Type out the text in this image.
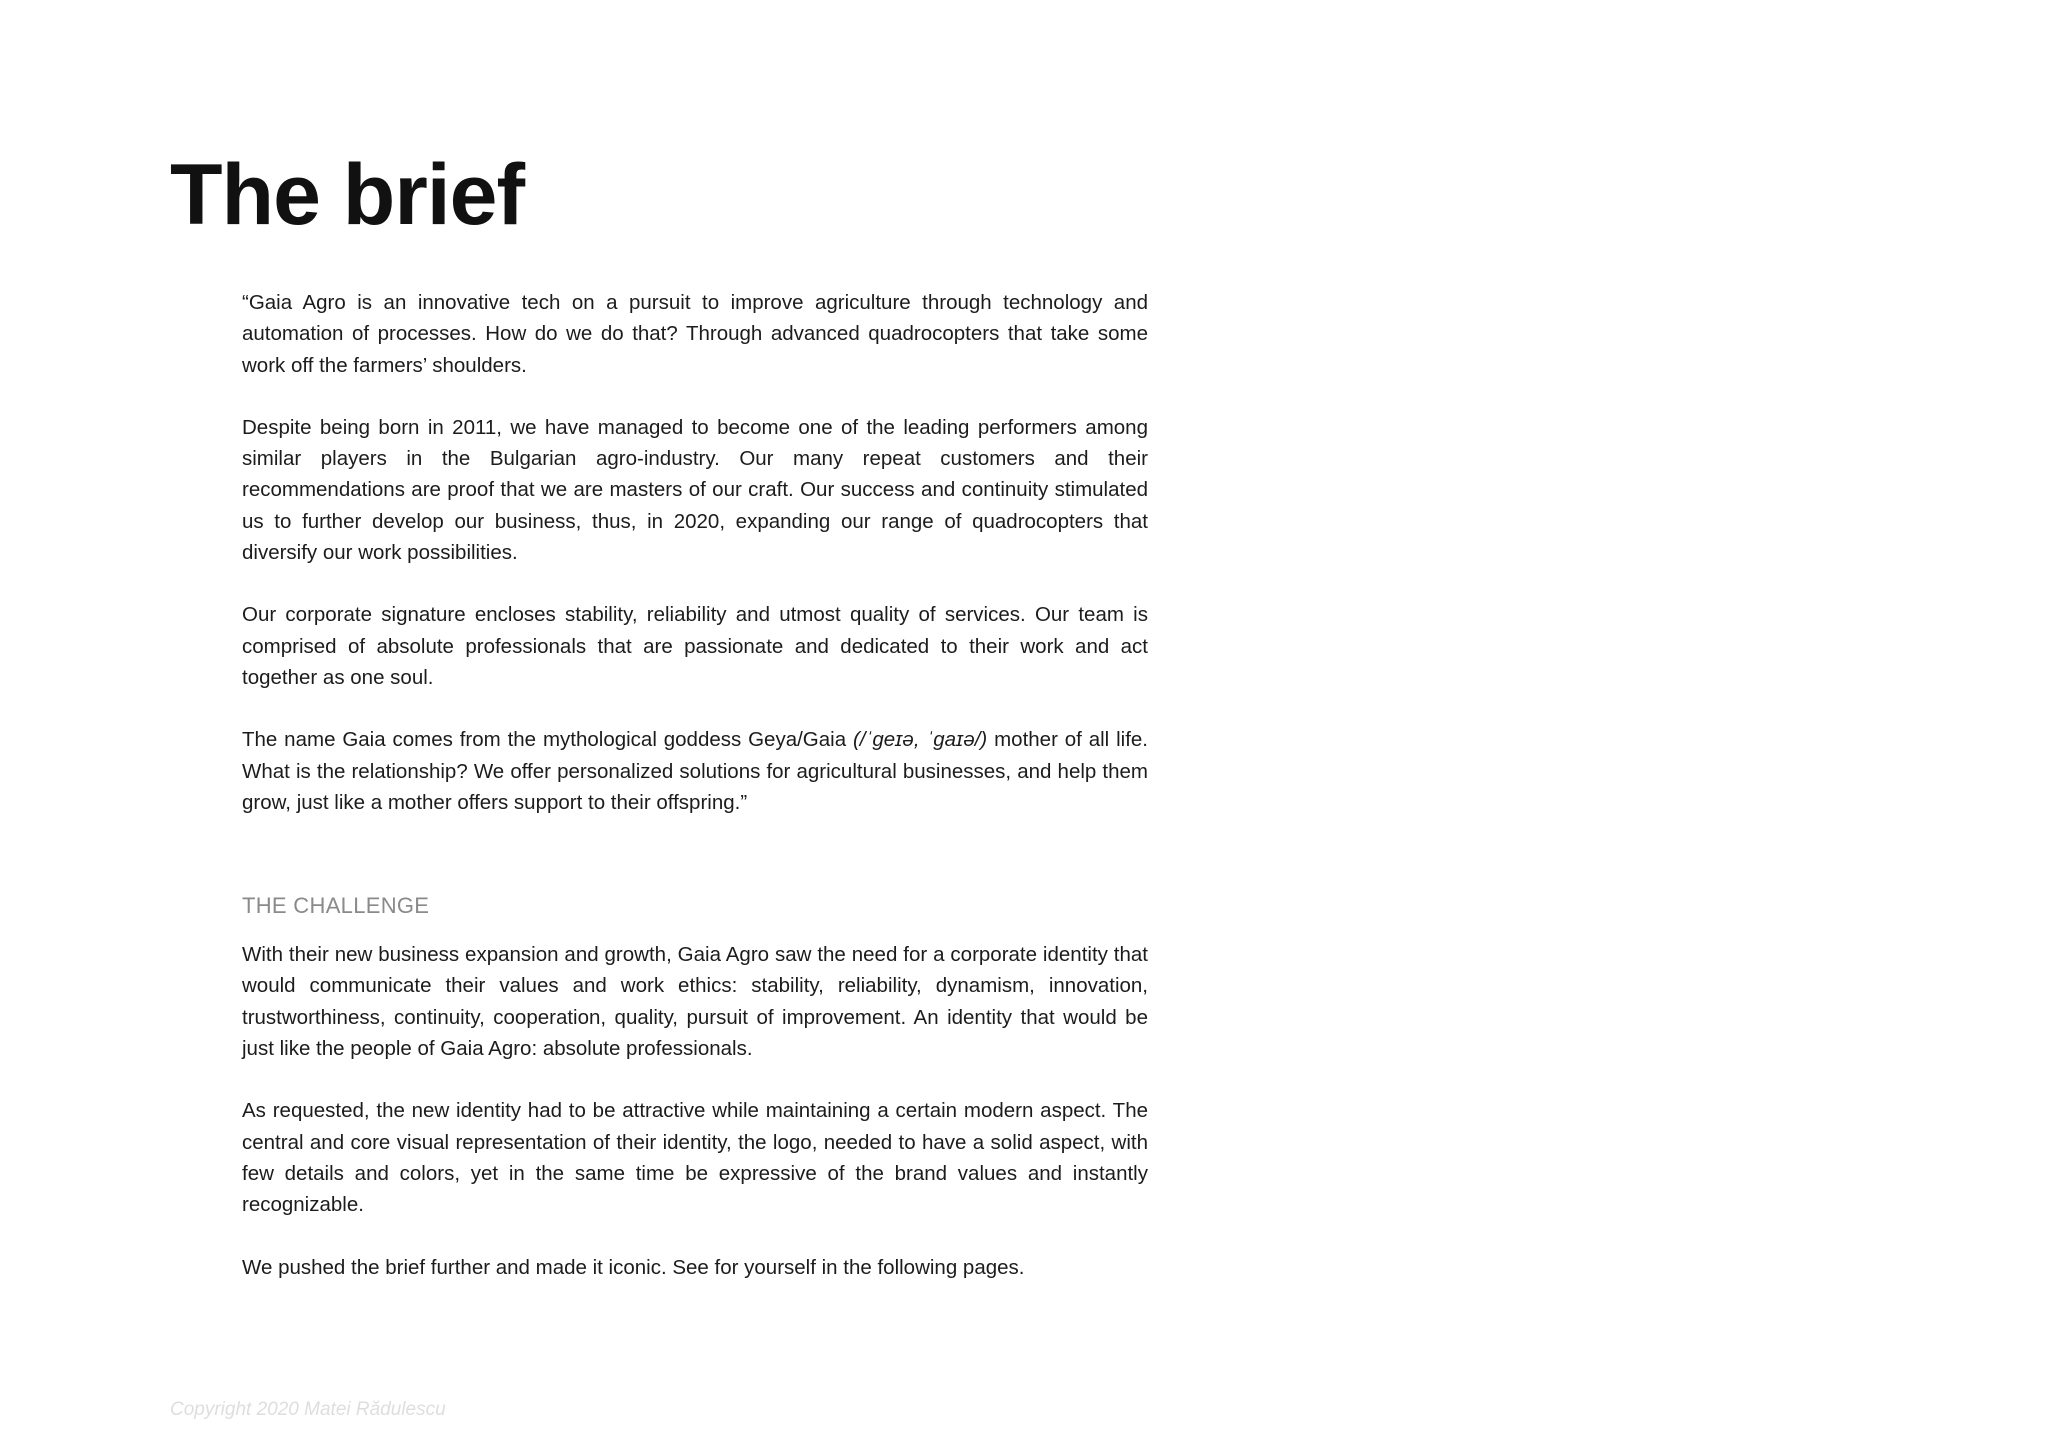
The brief

“Gaia Agro is an innovative tech on a pursuit to improve agriculture through technology and automation of processes. How do we do that? Through advanced quadrocopters that take some work off the farmers’ shoulders.

Despite being born in 2011, we have managed to become one of the leading performers among similar players in the Bulgarian agro-industry. Our many repeat customers and their recommendations are proof that we are masters of our craft. Our success and continuity stimulated us to further develop our business, thus, in 2020, expanding our range of quadrocopters that diversify our work possibilities.

Our corporate signature encloses stability, reliability and utmost quality of services. Our team is comprised of absolute professionals that are passionate and dedicated to their work and act together as one soul.

The name Gaia comes from the mythological goddess Geya/Gaia (/ˈɡeɪə, ˈɡaɪə/) mother of all life. What is the relationship? We offer personalized solutions for agricultural businesses, and help them grow, just like a mother offers support to their offspring.”

THE CHALLENGE

With their new business expansion and growth, Gaia Agro saw the need for a corporate identity that would communicate their values and work ethics: stability, reliability, dynamism, innovation, trustworthiness, continuity, cooperation, quality, pursuit of improvement. An identity that would be just like the people of Gaia Agro: absolute professionals.

As requested, the new identity had to be attractive while maintaining a certain modern aspect. The central and core visual representation of their identity, the logo, needed to have a solid aspect, with few details and colors, yet in the same time be expressive of the brand values and instantly recognizable.

We pushed the brief further and made it iconic. See for yourself in the following pages.

Copyright 2020 Matei Rădulescu
